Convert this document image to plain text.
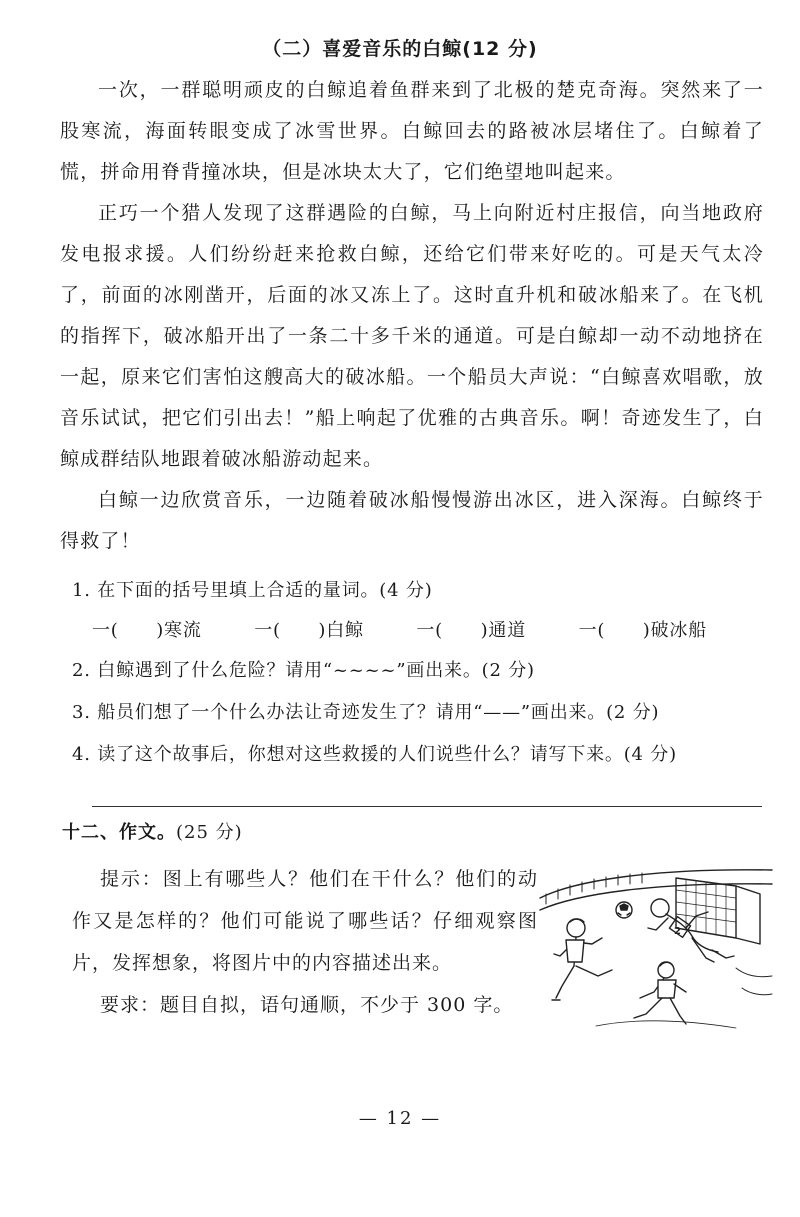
（二）喜爱音乐的白鲸(12 分)

一次，一群聪明顽皮的白鲸追着鱼群来到了北极的楚克奇海。突然来了一股寒流，海面转眼变成了冰雪世界。白鲸回去的路被冰层堵住了。白鲸着了慌，拼命用脊背撞冰块，但是冰块太大了，它们绝望地叫起来。

正巧一个猎人发现了这群遇险的白鲸，马上向附近村庄报信，向当地政府发电报求援。人们纷纷赶来抢救白鲸，还给它们带来好吃的。可是天气太冷了，前面的冰刚凿开，后面的冰又冻上了。这时直升机和破冰船来了。在飞机的指挥下，破冰船开出了一条二十多千米的通道。可是白鲸却一动不动地挤在一起，原来它们害怕这艘高大的破冰船。一个船员大声说：“白鲸喜欢唱歌，放音乐试试，把它们引出去！”船上响起了优雅的古典音乐。啊！奇迹发生了，白鲸成群结队地跟着破冰船游动起来。

白鲸一边欣赏音乐，一边随着破冰船慢慢游出冰区，进入深海。白鲸终于得救了！

1. 在下面的括号里填上合适的量词。(4 分)

一(　　)寒流	一(　　)白鲸	一(　　)通道	一(　　)破冰船

2. 白鲸遇到了什么危险？请用“~~~~”画出来。(2 分)

3. 船员们想了一个什么办法让奇迹发生了？请用“——”画出来。(2 分)

4. 读了这个故事后，你想对这些救援的人们说些什么？请写下来。(4 分)

十二、作文。(25 分)

提示：图上有哪些人？他们在干什么？他们的动作又是怎样的？他们可能说了哪些话？仔细观察图片，发挥想象，将图片中的内容描述出来。

要求：题目自拟，语句通顺，不少于 300 字。

2
— 12 —
